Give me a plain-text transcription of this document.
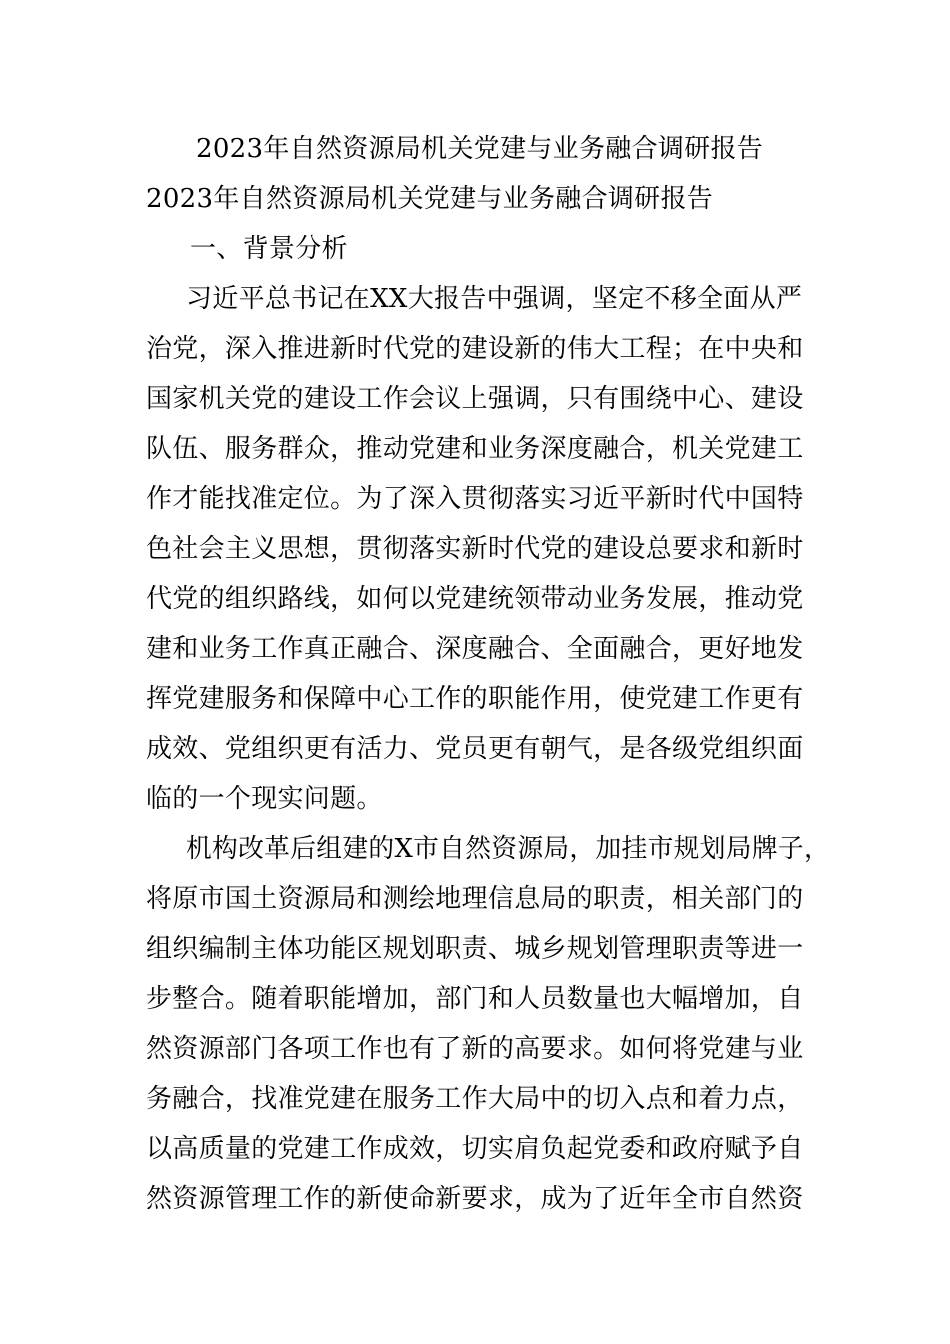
2023年自然资源局机关党建与业务融合调研报告
2023年自然资源局机关党建与业务融合调研报告
一、背景分析
习近平总书记在XX大报告中强调，坚定不移全面从严
治党，深入推进新时代党的建设新的伟大工程；在中央和
国家机关党的建设工作会议上强调，只有围绕中心、建设
队伍、服务群众，推动党建和业务深度融合，机关党建工
作才能找准定位。为了深入贯彻落实习近平新时代中国特
色社会主义思想，贯彻落实新时代党的建设总要求和新时
代党的组织路线，如何以党建统领带动业务发展，推动党
建和业务工作真正融合、深度融合、全面融合，更好地发
挥党建服务和保障中心工作的职能作用，使党建工作更有
成效、党组织更有活力、党员更有朝气，是各级党组织面
临的一个现实问题。
机构改革后组建的X市自然资源局，加挂市规划局牌子，
将原市国土资源局和测绘地理信息局的职责，相关部门的
组织编制主体功能区规划职责、城乡规划管理职责等进一
步整合。随着职能增加，部门和人员数量也大幅增加，自
然资源部门各项工作也有了新的高要求。如何将党建与业
务融合，找准党建在服务工作大局中的切入点和着力点，
以高质量的党建工作成效，切实肩负起党委和政府赋予自
然资源管理工作的新使命新要求，成为了近年全市自然资
